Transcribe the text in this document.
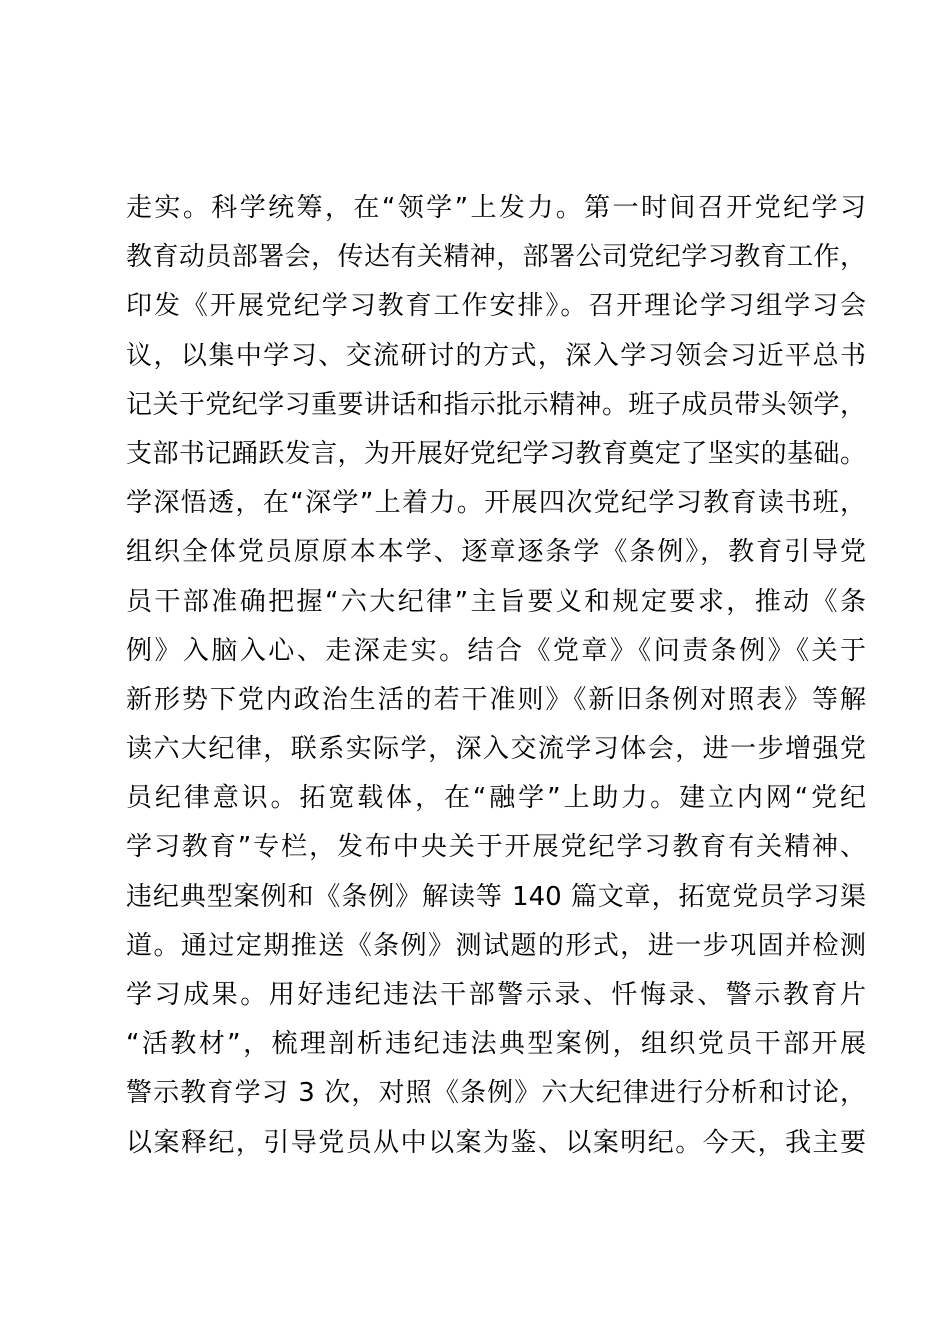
走实。科学统筹，在“领学”上发力。第一时间召开党纪学习
教育动员部署会，传达有关精神，部署公司党纪学习教育工作，
印发《开展党纪学习教育工作安排》。召开理论学习组学习会
议，以集中学习、交流研讨的方式，深入学习领会习近平总书
记关于党纪学习重要讲话和指示批示精神。班子成员带头领学，
支部书记踊跃发言，为开展好党纪学习教育奠定了坚实的基础。
学深悟透，在“深学”上着力。开展四次党纪学习教育读书班，
组织全体党员原原本本学、逐章逐条学《条例》，教育引导党
员干部准确把握“六大纪律”主旨要义和规定要求，推动《条
例》入脑入心、走深走实。结合《党章》《问责条例》《关于
新形势下党内政治生活的若干准则》《新旧条例对照表》等解
读六大纪律，联系实际学，深入交流学习体会，进一步增强党
员纪律意识。拓宽载体，在“融学”上助力。建立内网“党纪
学习教育”专栏，发布中央关于开展党纪学习教育有关精神、
违纪典型案例和《条例》解读等 140 篇文章，拓宽党员学习渠
道。通过定期推送《条例》测试题的形式，进一步巩固并检测
学习成果。用好违纪违法干部警示录、忏悔录、警示教育片
“活教材”，梳理剖析违纪违法典型案例，组织党员干部开展
警示教育学习 3 次，对照《条例》六大纪律进行分析和讨论，
以案释纪，引导党员从中以案为鉴、以案明纪。今天，我主要
